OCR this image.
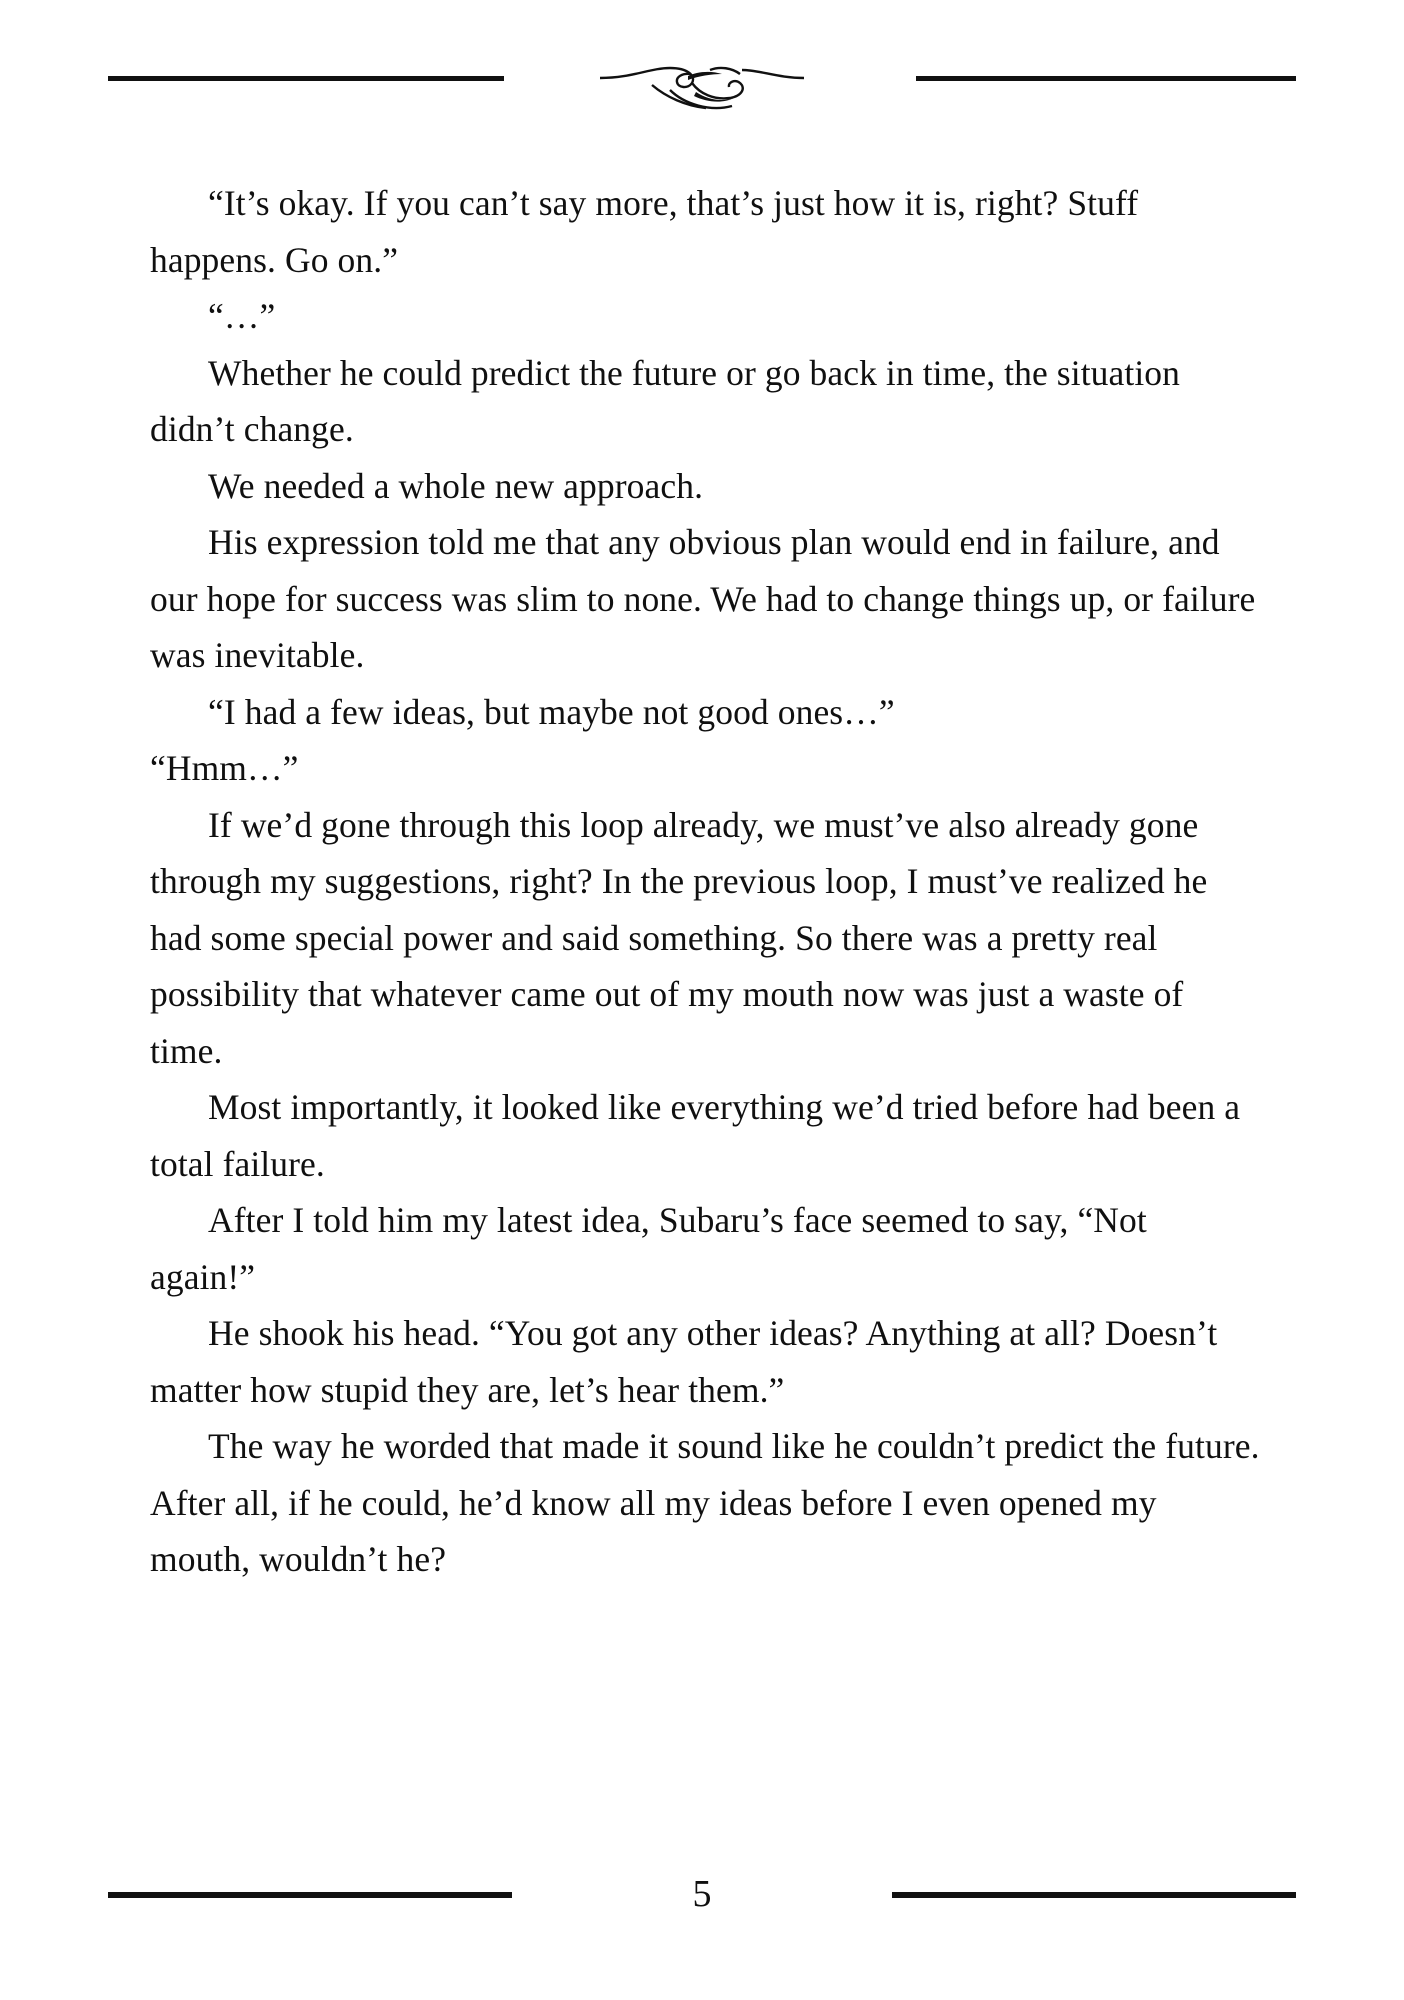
“It’s okay. If you can’t say more, that’s just how it is, right? Stuff happens. Go on.”

“…”

Whether he could predict the future or go back in time, the situation didn’t change.

We needed a whole new approach.

His expression told me that any obvious plan would end in failure, and our hope for success was slim to none. We had to change things up, or failure was inevitable.

“I had a few ideas, but maybe not good ones…”

“Hmm…”

If we’d gone through this loop already, we must’ve also already gone through my suggestions, right? In the previous loop, I must’ve realized he had some special power and said something. So there was a pretty real possibility that whatever came out of my mouth now was just a waste of time.

Most importantly, it looked like everything we’d tried before had been a total failure.

After I told him my latest idea, Subaru’s face seemed to say, “Not again!”

He shook his head. “You got any other ideas? Anything at all? Doesn’t matter how stupid they are, let’s hear them.”

The way he worded that made it sound like he couldn’t predict the future. After all, if he could, he’d know all my ideas before I even opened my mouth, wouldn’t he?

5
